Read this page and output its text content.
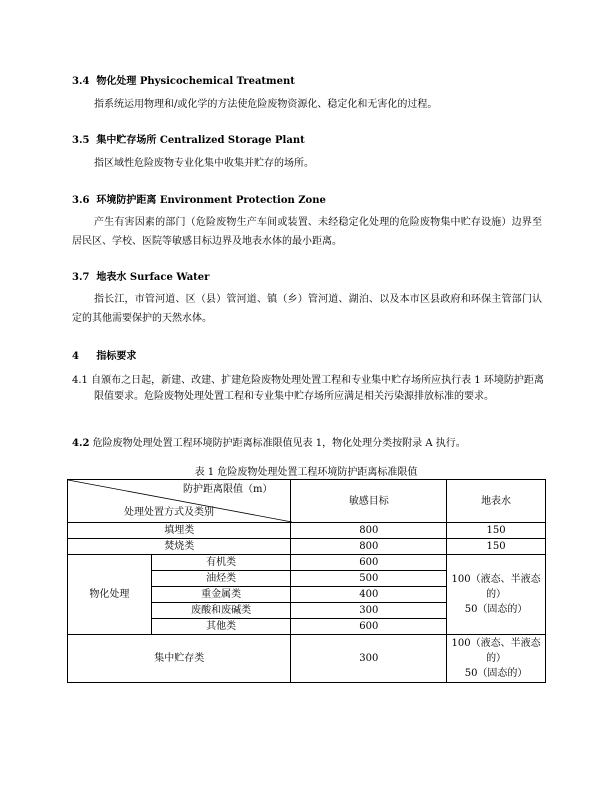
3.4 物化处理 Physicochemical Treatment
指系统运用物理和/或化学的方法使危险废物资源化、稳定化和无害化的过程。
3.5 集中贮存场所 Centralized Storage Plant
指区域性危险废物专业化集中收集并贮存的场所。
3.6 环境防护距离 Environment Protection Zone
产生有害因素的部门（危险废物生产车间或装置、未经稳定化处理的危险废物集中贮存设施）边界至居民区、学校、医院等敏感目标边界及地表水体的最小距离。
3.7 地表水 Surface Water
指长江，市管河道、区（县）管河道、镇（乡）管河道、湖泊、以及本市区县政府和环保主管部门认定的其他需要保护的天然水体。
4 指标要求
4.1 自颁布之日起，新建、改建、扩建危险废物处理处置工程和专业集中贮存场所应执行表 1 环境防护距离限值要求。危险废物处理处置工程和专业集中贮存场所应满足相关污染源排放标准的要求。
4.2 危险废物处理处置工程环境防护距离标准限值见表 1，物化处理分类按附录 A 执行。
表 1 危险废物处理处置工程环境防护距离标准限值
防护距离限值（m）
处理处置方式及类别		敏感目标	地表水
填埋类		800	150
焚烧类		800	150
物化处理	有机类	600	100（液态、半液态的）
50（固态的）

	油烃类	500	
	重金属类	400	
	废酸和废碱类	300	
	其他类	600	
集中贮存类		300	100（液态、半液态的）
50（固态的）
